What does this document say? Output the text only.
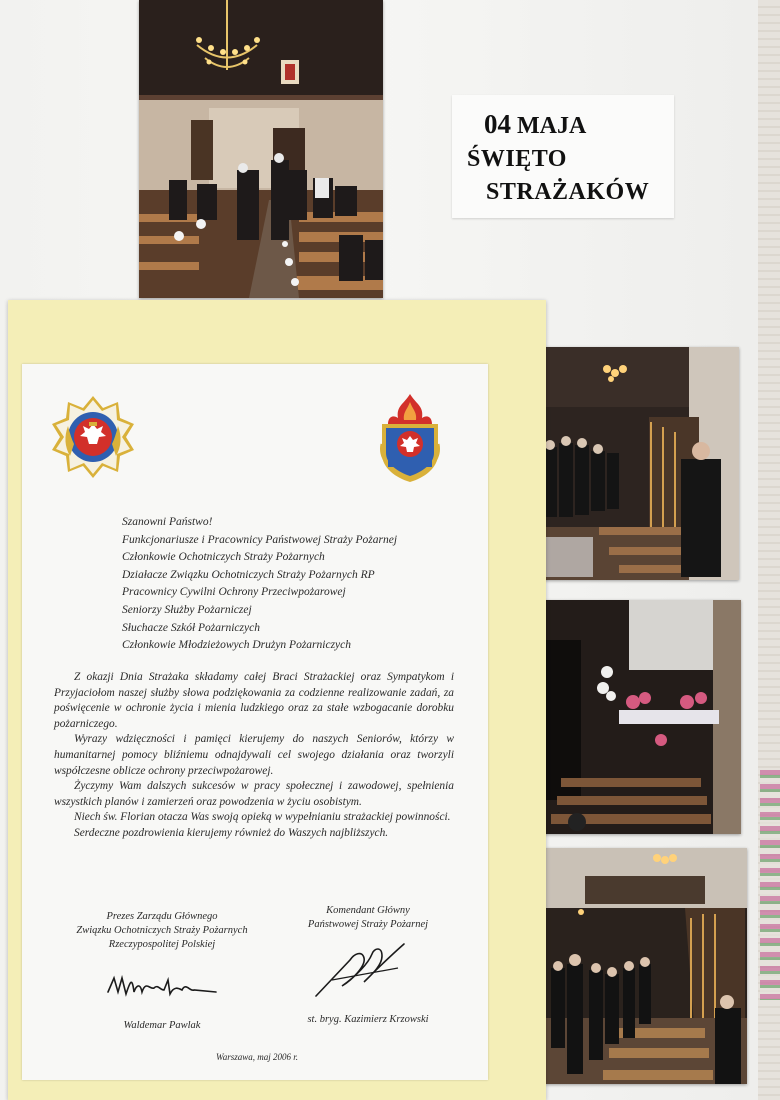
04 MAJA
ŚWIĘTO
STRAŻAKÓW
Szanowni Państwo!
Funkcjonariusze i Pracownicy Państwowej Straży Pożarnej
Członkowie Ochotniczych Straży Pożarnych
Działacze Związku Ochotniczych Straży Pożarnych RP
Pracownicy Cywilni Ochrony Przeciwpożarowej
Seniorzy Służby Pożarniczej
Słuchacze Szkół Pożarniczych
Członkowie Młodzieżowych Drużyn Pożarniczych

Z okazji Dnia Strażaka składamy całej Braci Strażackiej oraz Sympatykom i Przyjaciołom naszej służby słowa podziękowania za codzienne realizowanie zadań, za poświęcenie w ochronie życia i mienia ludzkiego oraz za stałe wzbogacanie dorobku pożarniczego.

Wyrazy wdzięczności i pamięci kierujemy do naszych Seniorów, którzy w humanitarnej pomocy bliźniemu odnajdywali cel swojego działania oraz tworzyli współczesne oblicze ochrony przeciwpożarowej.

Życzymy Wam dalszych sukcesów w pracy społecznej i zawodowej, spełnienia wszystkich planów i zamierzeń oraz powodzenia w życiu osobistym.

Niech św. Florian otacza Was swoją opieką w wypełnianiu strażackiej powinności.

Serdeczne pozdrowienia kierujemy również do Waszych najbliższych.

Prezes Zarządu Głównego
Związku Ochotniczych Straży Pożarnych
Rzeczypospolitej Polskiej
Komendant Główny
Państwowej Straży Pożarnej
Waldemar Pawlak
st. bryg. Kazimierz Krzowski
Warszawa, maj 2006 r.
